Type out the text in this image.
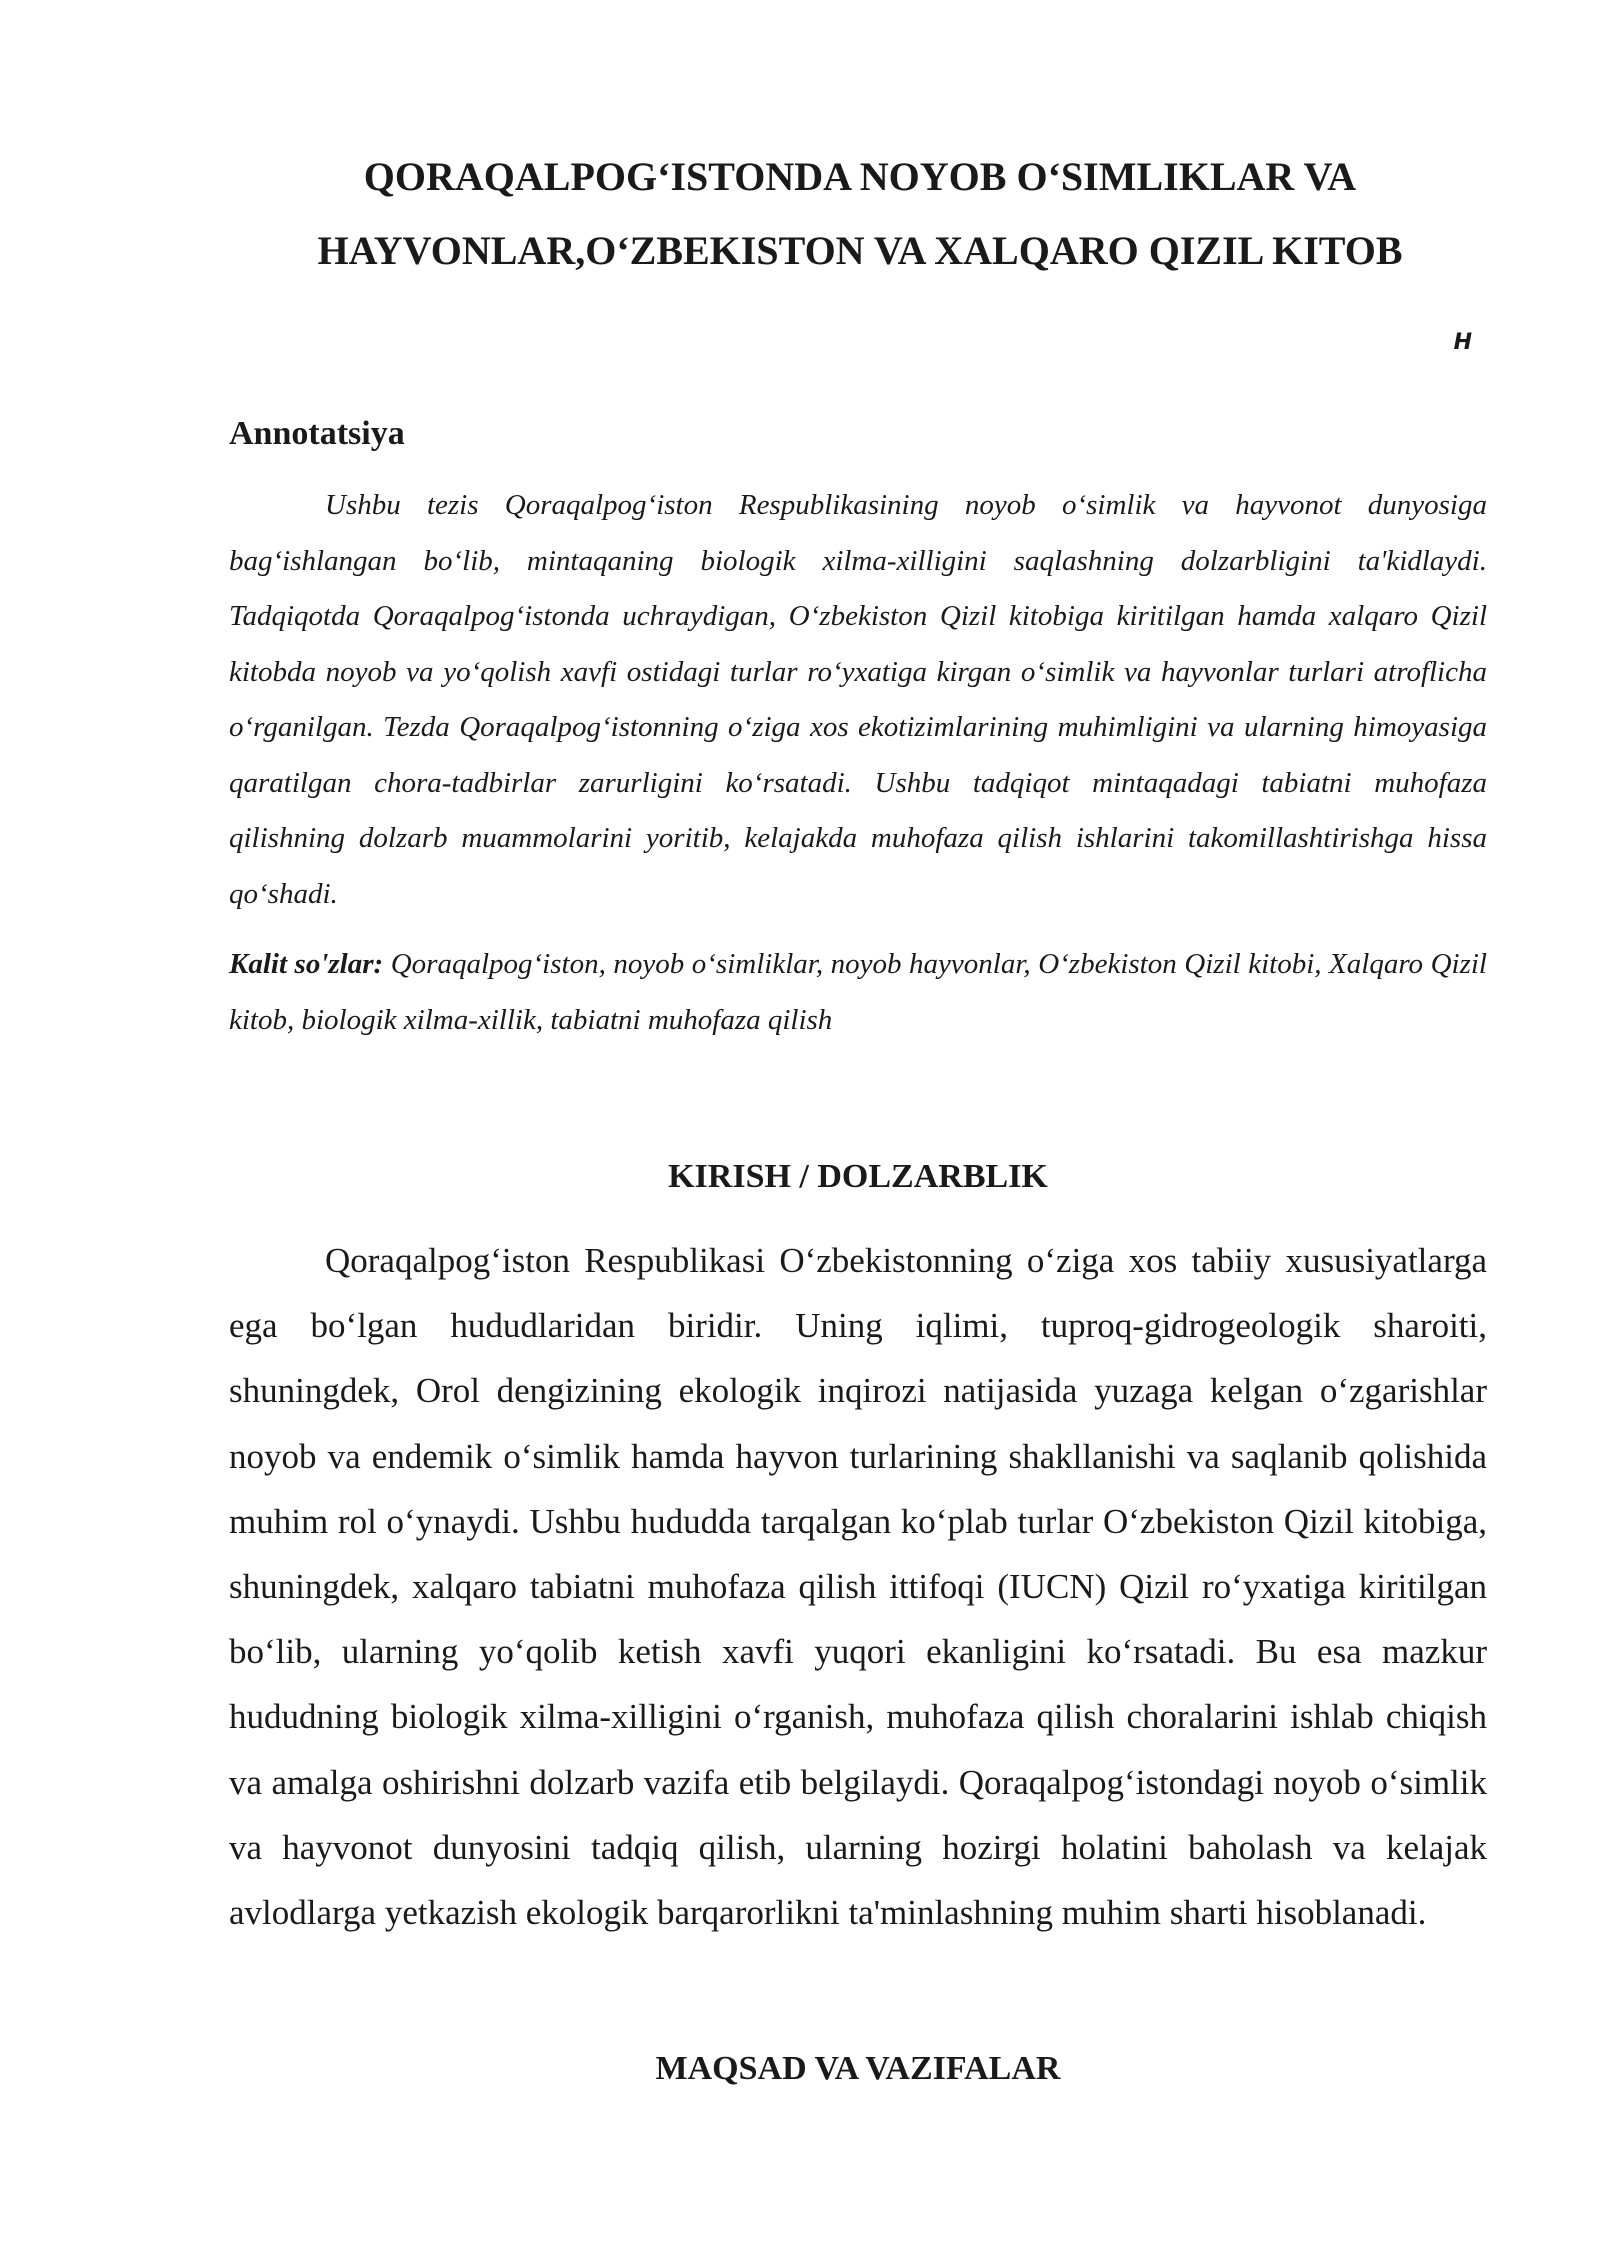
QORAQALPOG‘ISTONDA NOYOB O‘SIMLIKLAR VA HAYVONLAR,O‘ZBEKISTON VA XALQARO QIZIL KITOB
H
Annotatsiya

Ushbu tezis Qoraqalpog‘iston Respublikasining noyob o‘simlik va hayvonot dunyosiga bag‘ishlangan bo‘lib, mintaqaning biologik xilma-xilligini saqlashning dolzarbligini ta'kidlaydi. Tadqiqotda Qoraqalpog‘istonda uchraydigan, O‘zbekiston Qizil kitobiga kiritilgan hamda xalqaro Qizil kitobda noyob va yo‘qolish xavfi ostidagi turlar ro‘yxatiga kirgan o‘simlik va hayvonlar turlari atroflicha o‘rganilgan. Tezda Qoraqalpog‘istonning o‘ziga xos ekotizimlarining muhimligini va ularning himoyasiga qaratilgan chora-tadbirlar zarurligini ko‘rsatadi. Ushbu tadqiqot mintaqadagi tabiatni muhofaza qilishning dolzarb muammolarini yoritib, kelajakda muhofaza qilish ishlarini takomillashtirishga hissa qo‘shadi.

Kalit so'zlar: Qoraqalpog‘iston, noyob o‘simliklar, noyob hayvonlar, O‘zbekiston Qizil kitobi, Xalqaro Qizil kitob, biologik xilma-xillik, tabiatni muhofaza qilish

KIRISH / DOLZARBLIK

Qoraqalpog‘iston Respublikasi O‘zbekistonning o‘ziga xos tabiiy xususiyatlarga ega bo‘lgan hududlaridan biridir. Uning iqlimi, tuproq-gidrogeologik sharoiti, shuningdek, Orol dengizining ekologik inqirozi natijasida yuzaga kelgan o‘zgarishlar noyob va endemik o‘simlik hamda hayvon turlarining shakllanishi va saqlanib qolishida muhim rol o‘ynaydi. Ushbu hududda tarqalgan ko‘plab turlar O‘zbekiston Qizil kitobiga, shuningdek, xalqaro tabiatni muhofaza qilish ittifoqi (IUCN) Qizil ro‘yxatiga kiritilgan bo‘lib, ularning yo‘qolib ketish xavfi yuqori ekanligini ko‘rsatadi. Bu esa mazkur hududning biologik xilma-xilligini o‘rganish, muhofaza qilish choralarini ishlab chiqish va amalga oshirishni dolzarb vazifa etib belgilaydi. Qoraqalpog‘istondagi noyob o‘simlik va hayvonot dunyosini tadqiq qilish, ularning hozirgi holatini baholash va kelajak avlodlarga yetkazish ekologik barqarorlikni ta'minlashning muhim sharti hisoblanadi.

MAQSAD VA VAZIFALAR
